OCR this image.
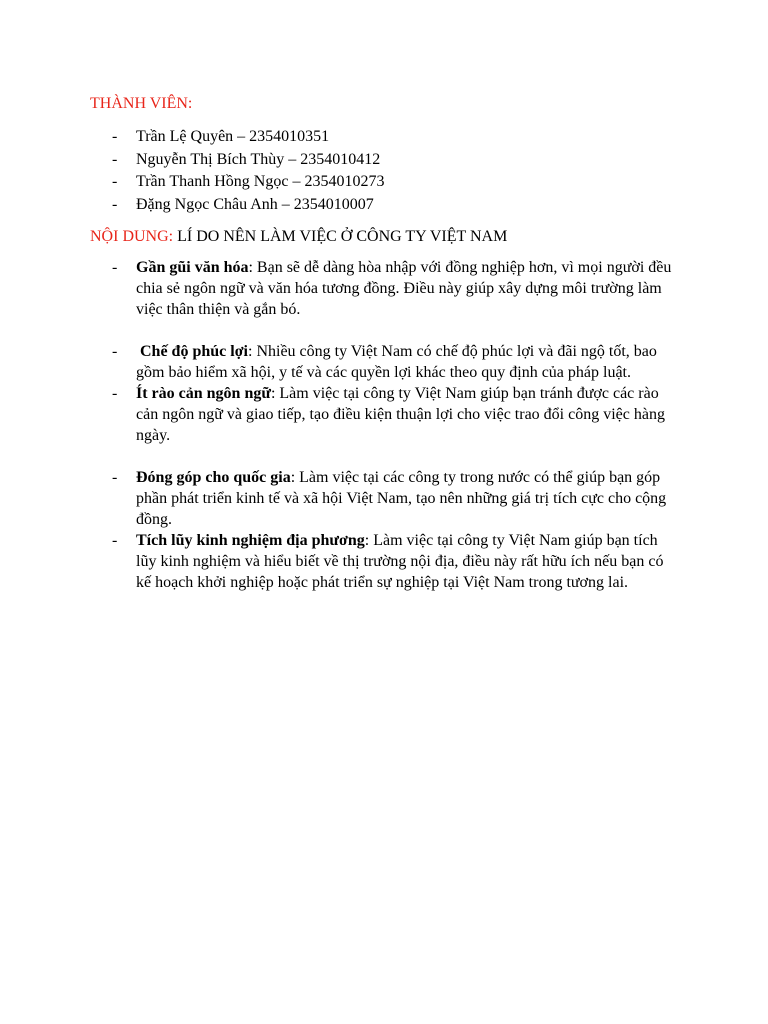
THÀNH VIÊN:
- Trần Lệ Quyên – 2354010351
- Nguyễn Thị Bích Thùy – 2354010412
- Trần Thanh Hồng Ngọc – 2354010273
- Đặng Ngọc Châu Anh – 2354010007
NỘI DUNG: LÍ DO NÊN LÀM VIỆC Ở CÔNG TY VIỆT NAM
- Gần gũi văn hóa: Bạn sẽ dễ dàng hòa nhập với đồng nghiệp hơn, vì mọi người đều chia sẻ ngôn ngữ và văn hóa tương đồng. Điều này giúp xây dựng môi trường làm việc thân thiện và gắn bó.
- Chế độ phúc lợi: Nhiều công ty Việt Nam có chế độ phúc lợi và đãi ngộ tốt, bao gồm bảo hiểm xã hội, y tế và các quyền lợi khác theo quy định của pháp luật.
- Ít rào cản ngôn ngữ: Làm việc tại công ty Việt Nam giúp bạn tránh được các rào cản ngôn ngữ và giao tiếp, tạo điều kiện thuận lợi cho việc trao đổi công việc hàng ngày.
- Đóng góp cho quốc gia: Làm việc tại các công ty trong nước có thể giúp bạn góp phần phát triển kinh tế và xã hội Việt Nam, tạo nên những giá trị tích cực cho cộng đồng.
- Tích lũy kinh nghiệm địa phương: Làm việc tại công ty Việt Nam giúp bạn tích lũy kinh nghiệm và hiểu biết về thị trường nội địa, điều này rất hữu ích nếu bạn có kế hoạch khởi nghiệp hoặc phát triển sự nghiệp tại Việt Nam trong tương lai.
